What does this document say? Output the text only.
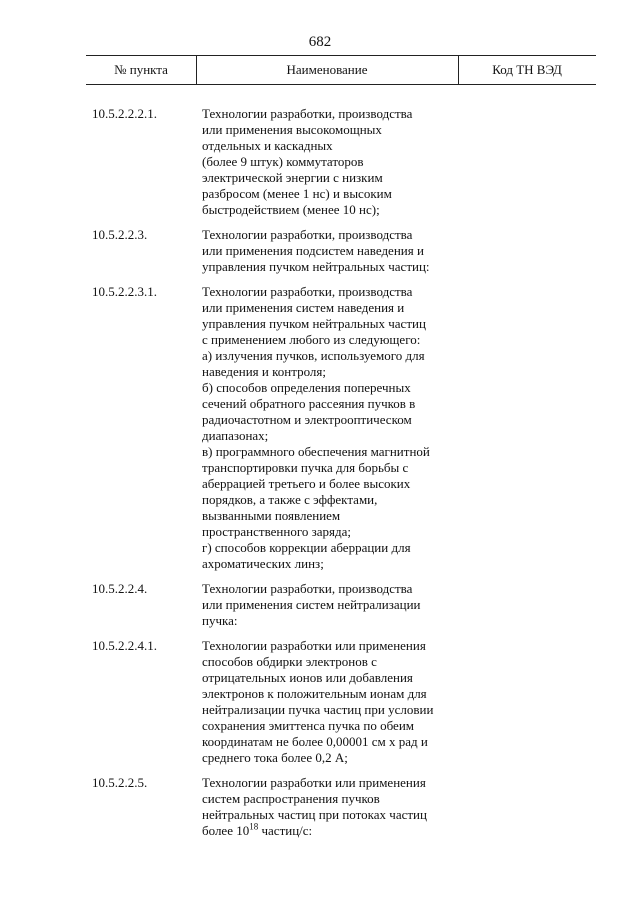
682
№ пункта	Наименование	Код ТН ВЭД
10.5.2.2.2.1.	Технологии разработки, производства
или применения высокомощных
отдельных и каскадных
(более 9 штук) коммутаторов
электрической энергии с низким
разбросом (менее 1 нс) и высоким
быстродействием (менее 10 нс);
10.5.2.2.3.	Технологии разработки, производства
или применения подсистем наведения и
управления пучком нейтральных частиц:
10.5.2.2.3.1.	Технологии разработки, производства
или применения систем наведения и
управления пучком нейтральных частиц
с применением любого из следующего:
а) излучения пучков, используемого для
наведения и контроля;
б) способов определения поперечных
сечений обратного рассеяния пучков в
радиочастотном и электрооптическом
диапазонах;
в) программного обеспечения магнитной
транспортировки пучка для борьбы с
аберрацией третьего и более высоких
порядков, а также с эффектами,
вызванными появлением
пространственного заряда;
г) способов коррекции аберрации для
ахроматических линз;
10.5.2.2.4.	Технологии разработки, производства
или применения систем нейтрализации
пучка:
10.5.2.2.4.1.	Технологии разработки или применения
способов обдирки электронов с
отрицательных ионов или добавления
электронов к положительным ионам для
нейтрализации пучка частиц при условии
сохранения эмиттенса пучка по обеим
координатам не более 0,00001 см х рад и
среднего тока более 0,2 А;
10.5.2.2.5.	Технологии разработки или применения
систем распространения пучков
нейтральных частиц при потоках частиц
более $10^{18}$ частиц/с:
